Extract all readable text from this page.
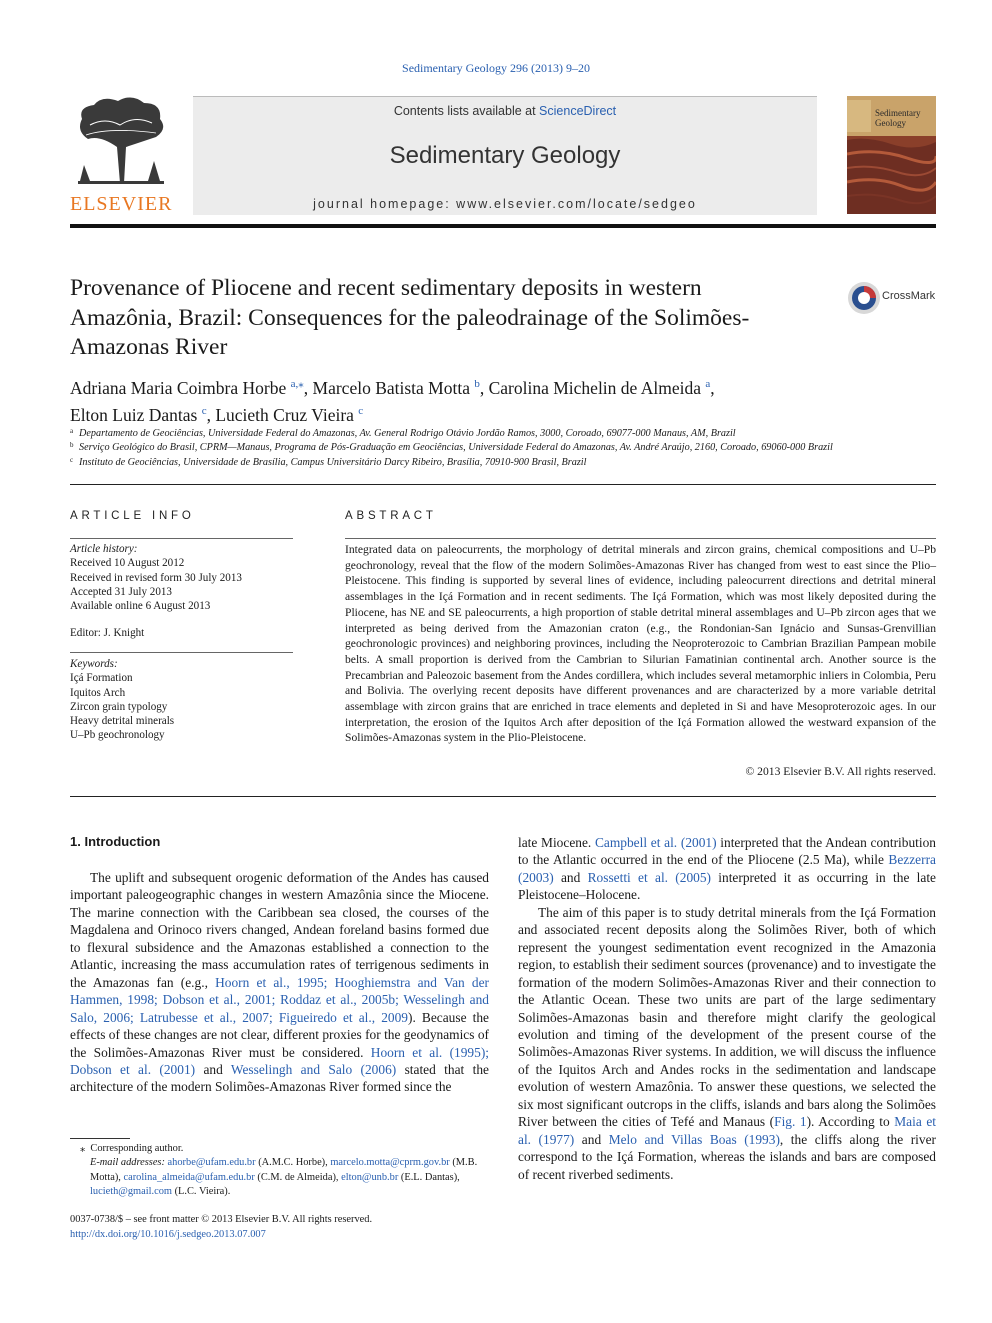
Sedimentary Geology 296 (2013) 9–20
ELSEVIER
Contents lists available at ScienceDirect
Sedimentary Geology
journal homepage: www.elsevier.com/locate/sedgeo
Sedimentary
Geology
Provenance of Pliocene and recent sedimentary deposits in western Amazônia, Brazil: Consequences for the paleodrainage of the Solimões-Amazonas River
CrossMark
Adriana Maria Coimbra Horbe $^{a,⁎}$, Marcelo Batista Motta $^b$, Carolina Michelin de Almeida $^a$,
Elton Luiz Dantas $^c$, Lucieth Cruz Vieira $^c$
a Departamento de Geociências, Universidade Federal do Amazonas, Av. General Rodrigo Otávio Jordão Ramos, 3000, Coroado, 69077-000 Manaus, AM, Brazil
b Serviço Geológico do Brasil, CPRM—Manaus, Programa de Pós-Graduação em Geociências, Universidade Federal do Amazonas, Av. André Araújo, 2160, Coroado, 69060-000 Brazil
c Instituto de Geociências, Universidade de Brasília, Campus Universitário Darcy Ribeiro, Brasília, 70910-900 Brasil, Brazil
ARTICLE INFO
Article history:
Received 10 August 2012
Received in revised form 30 July 2013
Accepted 31 July 2013
Available online 6 August 2013
Editor: J. Knight
Keywords:
Içá Formation
Iquitos Arch
Zircon grain typology
Heavy detrital minerals
U–Pb geochronology
ABSTRACT
Integrated data on paleocurrents, the morphology of detrital minerals and zircon grains, chemical compositions and U–Pb geochronology, reveal that the flow of the modern Solimões-Amazonas River has changed from west to east since the Plio–Pleistocene. This finding is supported by several lines of evidence, including paleocurrent directions and detrital mineral assemblages in the Içá Formation and in recent sediments. The Içá Formation, which was most likely deposited during the Pliocene, has NE and SE paleocurrents, a high proportion of stable detrital mineral assemblages and U–Pb zircon ages that we interpreted as being derived from the Amazonian craton (e.g., the Rondonian-San Ignácio and Sunsas-Grenvillian geochronologic provinces) and neighboring provinces, including the Neoproterozoic to Cambrian Brazilian Pampean mobile belts. A small proportion is derived from the Cambrian to Silurian Famatinian continental arch. Another source is the Precambrian and Paleozoic basement from the Andes cordillera, which includes several metamorphic inliers in Colombia, Peru and Bolivia. The overlying recent deposits have different provenances and are characterized by a more variable detrital assemblage with zircon grains that are enriched in trace elements and depleted in Si and have Mesoproterozoic ages. In our interpretation, the erosion of the Iquitos Arch after deposition of the Içá Formation allowed the westward expansion of the Solimões-Amazonas system in the Plio-Pleistocene.
© 2013 Elsevier B.V. All rights reserved.
1. Introduction

The uplift and subsequent orogenic deformation of the Andes has caused important paleogeographic changes in western Amazônia since the Miocene. The marine connection with the Caribbean sea closed, the courses of the Magdalena and Orinoco rivers changed, Andean foreland basins formed due to flexural subsidence and the Amazonas established a connection to the Atlantic, increasing the mass accumulation rates of terrigenous sediments in the Amazonas fan (e.g., Hoorn et al., 1995; Hooghiemstra and Van der Hammen, 1998; Dobson et al., 2001; Roddaz et al., 2005b; Wesselingh and Salo, 2006; Latrubesse et al., 2007; Figueiredo et al., 2009). Because the effects of these changes are not clear, different proxies for the geodynamics of the Solimões-Amazonas River must be considered. Hoorn et al. (1995); Dobson et al. (2001) and Wesselingh and Salo (2006) stated that the architecture of the modern Solimões-Amazonas River formed since the

late Miocene. Campbell et al. (2001) interpreted that the Andean contribution to the Atlantic occurred in the end of the Pliocene (2.5 Ma), while Bezzerra (2003) and Rossetti et al. (2005) interpreted it as occurring in the late Pleistocene–Holocene.

The aim of this paper is to study detrital minerals from the Içá Formation and associated recent deposits along the Solimões River, both of which represent the youngest sedimentation event recognized in the Amazonia region, to establish their sediment sources (provenance) and to investigate the formation of the modern Solimões-Amazonas River and their connection to the Atlantic Ocean. These two units are part of the large sedimentary Solimões-Amazonas basin and therefore might clarify the geological evolution and timing of the development of the present course of the Solimões-Amazonas River systems. In addition, we will discuss the influence of the Iquitos Arch and Andes rocks in the sedimentation and landscape evolution of western Amazônia. To answer these questions, we selected the six most significant outcrops in the cliffs, islands and bars along the Solimões River between the cities of Tefé and Manaus (Fig. 1). According to Maia et al. (1977) and Melo and Villas Boas (1993), the cliffs along the river correspond to the Içá Formation, whereas the islands and bars are composed of recent riverbed sediments.

⁎  Corresponding author.
E-mail addresses: ahorbe@ufam.edu.br (A.M.C. Horbe), marcelo.motta@cprm.gov.br (M.B. Motta), carolina_almeida@ufam.edu.br (C.M. de Almeida), elton@unb.br (E.L. Dantas), lucieth@gmail.com (L.C. Vieira).
0037-0738/$ – see front matter © 2013 Elsevier B.V. All rights reserved.
http://dx.doi.org/10.1016/j.sedgeo.2013.07.007
